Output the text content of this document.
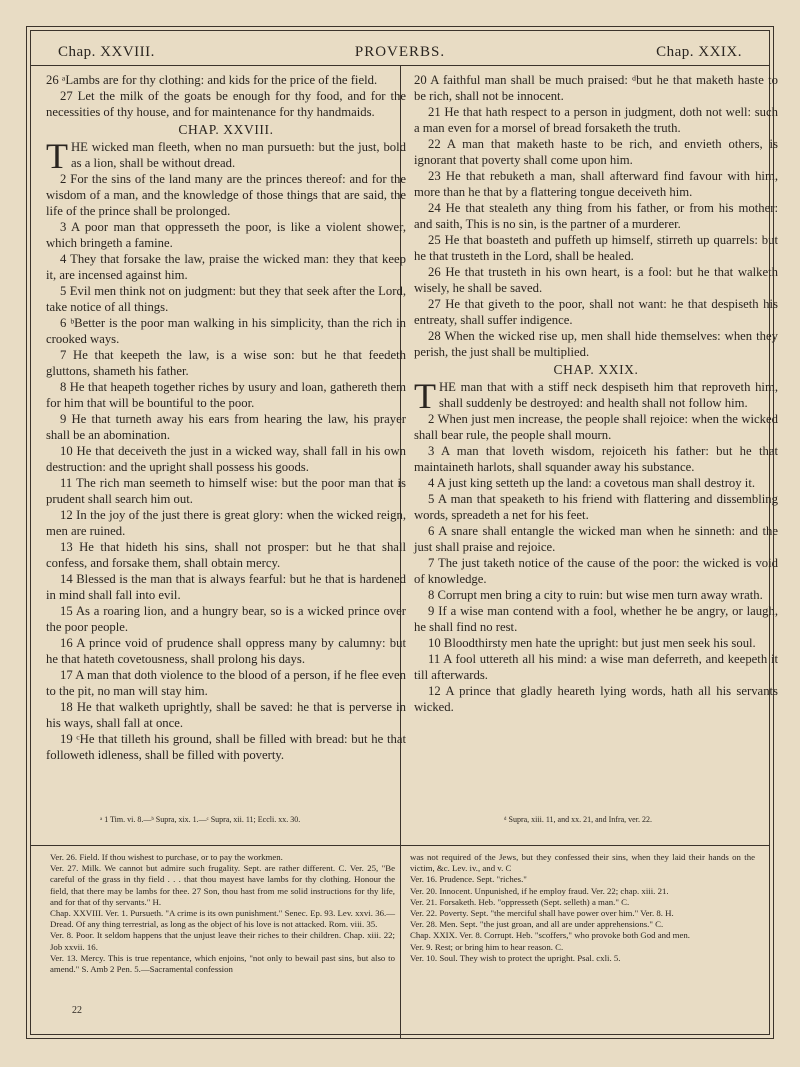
Chap. XXVIII.	PROVERBS.	Chap. XXIX.

26 ᵃLambs are for thy clothing: and kids for the price of the field.

27 Let the milk of the goats be enough for thy food, and for the necessities of thy house, and for maintenance for thy handmaids.

CHAP. XXVIII.

THE wicked man fleeth, when no man pursueth: but the just, bold as a lion, shall be without dread.

2 For the sins of the land many are the princes thereof: and for the wisdom of a man, and the knowledge of those things that are said, the life of the prince shall be prolonged.

3 A poor man that oppresseth the poor, is like a violent shower, which bringeth a famine.

4 They that forsake the law, praise the wicked man: they that keep it, are incensed against him.

5 Evil men think not on judgment: but they that seek after the Lord, take notice of all things.

6 ᵇBetter is the poor man walking in his simplicity, than the rich in crooked ways.

7 He that keepeth the law, is a wise son: but he that feedeth gluttons, shameth his father.

8 He that heapeth together riches by usury and loan, gathereth them for him that will be bountiful to the poor.

9 He that turneth away his ears from hearing the law, his prayer shall be an abomination.

10 He that deceiveth the just in a wicked way, shall fall in his own destruction: and the upright shall possess his goods.

11 The rich man seemeth to himself wise: but the poor man that is prudent shall search him out.

12 In the joy of the just there is great glory: when the wicked reign, men are ruined.

13 He that hideth his sins, shall not prosper: but he that shall confess, and forsake them, shall obtain mercy.

14 Blessed is the man that is always fearful: but he that is hardened in mind shall fall into evil.

15 As a roaring lion, and a hungry bear, so is a wicked prince over the poor people.

16 A prince void of prudence shall oppress many by calumny: but he that hateth covetousness, shall prolong his days.

17 A man that doth violence to the blood of a person, if he flee even to the pit, no man will stay him.

18 He that walketh uprightly, shall be saved: he that is perverse in his ways, shall fall at once.

19 ᶜHe that tilleth his ground, shall be filled with bread: but he that followeth idleness, shall be filled with poverty.

20 A faithful man shall be much praised: ᵈbut he that maketh haste to be rich, shall not be innocent.

21 He that hath respect to a person in judgment, doth not well: such a man even for a morsel of bread forsaketh the truth.

22 A man that maketh haste to be rich, and envieth others, is ignorant that poverty shall come upon him.

23 He that rebuketh a man, shall afterward find favour with him, more than he that by a flattering tongue deceiveth him.

24 He that stealeth any thing from his father, or from his mother: and saith, This is no sin, is the partner of a murderer.

25 He that boasteth and puffeth up himself, stirreth up quarrels: but he that trusteth in the Lord, shall be healed.

26 He that trusteth in his own heart, is a fool: but he that walketh wisely, he shall be saved.

27 He that giveth to the poor, shall not want: he that despiseth his entreaty, shall suffer indigence.

28 When the wicked rise up, men shall hide themselves: when they perish, the just shall be multiplied.

CHAP. XXIX.

THE man that with a stiff neck despiseth him that reproveth him, shall suddenly be destroyed: and health shall not follow him.

2 When just men increase, the people shall rejoice: when the wicked shall bear rule, the people shall mourn.

3 A man that loveth wisdom, rejoiceth his father: but he that maintaineth harlots, shall squander away his substance.

4 A just king setteth up the land: a covetous man shall destroy it.

5 A man that speaketh to his friend with flattering and dissembling words, spreadeth a net for his feet.

6 A snare shall entangle the wicked man when he sinneth: and the just shall praise and rejoice.

7 The just taketh notice of the cause of the poor: the wicked is void of knowledge.

8 Corrupt men bring a city to ruin: but wise men turn away wrath.

9 If a wise man contend with a fool, whether he be angry, or laugh, he shall find no rest.

10 Bloodthirsty men hate the upright: but just men seek his soul.

11 A fool uttereth all his mind: a wise man deferreth, and keepeth it till afterwards.

12 A prince that gladly heareth lying words, hath all his servants wicked.

ᵃ 1 Tim. vi. 8.—ᵇ Supra, xix. 1.—ᶜ Supra, xii. 11; Eccli. xx. 30.	ᵈ Supra, xiii. 11, and xx. 21, and Infra, ver. 22.

Ver. 26. Field. If thou wishest to purchase, or to pay the workmen.

Ver. 27. Milk. We cannot but admire such frugality. Sept. are rather different. C. Ver. 25, "Be careful of the grass in thy field . . . that thou mayest have lambs for thy clothing. Honour the field, that there may be lambs for thee. 27 Son, thou hast from me solid instructions for thy life, and for that of thy servants." H.

Chap. XXVIII. Ver. 1. Pursueth. "A crime is its own punishment." Senec. Ep. 93. Lev. xxvi. 36.—Dread. Of any thing terrestrial, as long as the object of his love is not attacked. Rom. viii. 35.

Ver. 8. Poor. It seldom happens that the unjust leave their riches to their children. Chap. xiii. 22; Job xxvii. 16.

Ver. 13. Mercy. This is true repentance, which enjoins, "not only to bewail past sins, but also to amend." S. Amb 2 Pen. 5.—Sacramental confession

was not required of the Jews, but they confessed their sins, when they laid their hands on the victim, &c. Lev. iv., and v. C

Ver. 16. Prudence. Sept. "riches."

Ver. 20. Innocent. Unpunished, if he employ fraud. Ver. 22; chap. xiii. 21.

Ver. 21. Forsaketh. Heb. "oppresseth (Sept. selleth) a man." C.

Ver. 22. Poverty. Sept. "the merciful shall have power over him." Ver. 8. H.

Ver. 28. Men. Sept. "the just groan, and all are under apprehensions." C.

Chap. XXIX. Ver. 8. Corrupt. Heb. "scoffers," who provoke both God and men.

Ver. 9. Rest; or bring him to hear reason. C.

Ver. 10. Soul. They wish to protect the upright. Psal. cxli. 5.

22
